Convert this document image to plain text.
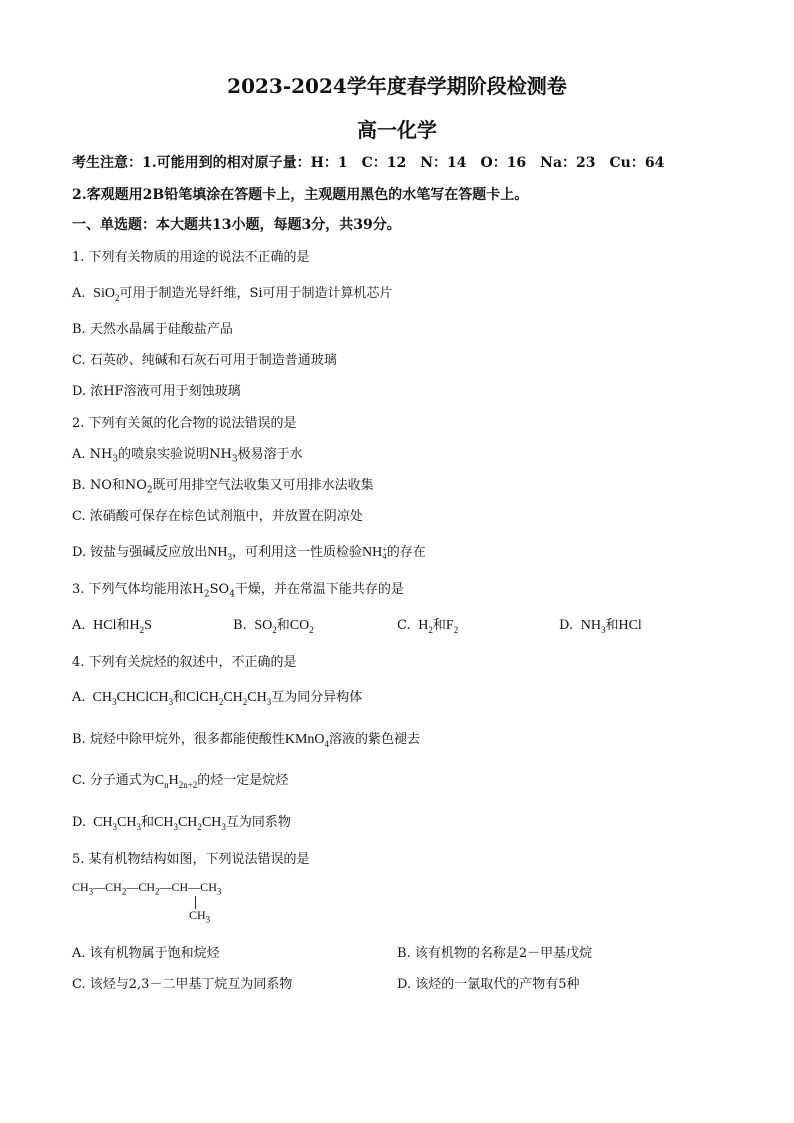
2023-2024学年度春学期阶段检测卷
高一化学
考生注意：1.可能用到的相对原子量：H：1　C：12　N：14　O：16　Na：23　Cu：64
2.客观题用2B铅笔填涂在答题卡上，主观题用黑色的水笔写在答题卡上。
一、单选题：本大题共13小题，每题3分，共39分。
1. 下列有关物质的用途的说法不正确的是
A.  SiO$_2$可用于制造光导纤维，Si可用于制造计算机芯片
B. 天然水晶属于硅酸盐产品
C. 石英砂、纯碱和石灰石可用于制造普通玻璃
D. 浓HF溶液可用于刻蚀玻璃
2. 下列有关氮的化合物的说法错误的是
A. $NH_3$的喷泉实验说明$NH_3$极易溶于水
B. NO和$NO_2$既可用排空气法收集又可用排水法收集
C. 浓硝酸可保存在棕色试剂瓶中，并放置在阴凉处
D. 铵盐与强碱反应放出$NH_3$，可利用这一性质检验NH+
4的存在
3. 下列气体均能用浓$H_2SO_4$干燥，并在常温下能共存的是
A.  HCl和$H_2S$	B.  $SO_2$和$CO_2$	C.  $H_2$和$F_2$	D.  $NH_3$和HCl
4. 下列有关烷烃的叙述中，不正确的是
A.  $CH_3CHClCH_3$和$ClCH_2CH_2CH_3$互为同分异构体
B. 烷烃中除甲烷外，很多都能使酸性KMnO$_4$溶液的紫色褪去
C. 分子通式为$C_nH_{2n+2}$的烃一定是烷烃
D.  $CH_3CH_3$和$CH_3CH_2CH_3$互为同系物
5. 某有机物结构如图，下列说法错误的是
$CH_3—CH_2—CH_2—CH—CH_3$
$CH_3$
A. 该有机物属于饱和烷烃	B. 该有机物的名称是2－甲基戊烷
C. 该烃与2,3－二甲基丁烷互为同系物	D. 该烃的一氯取代的产物有5种
